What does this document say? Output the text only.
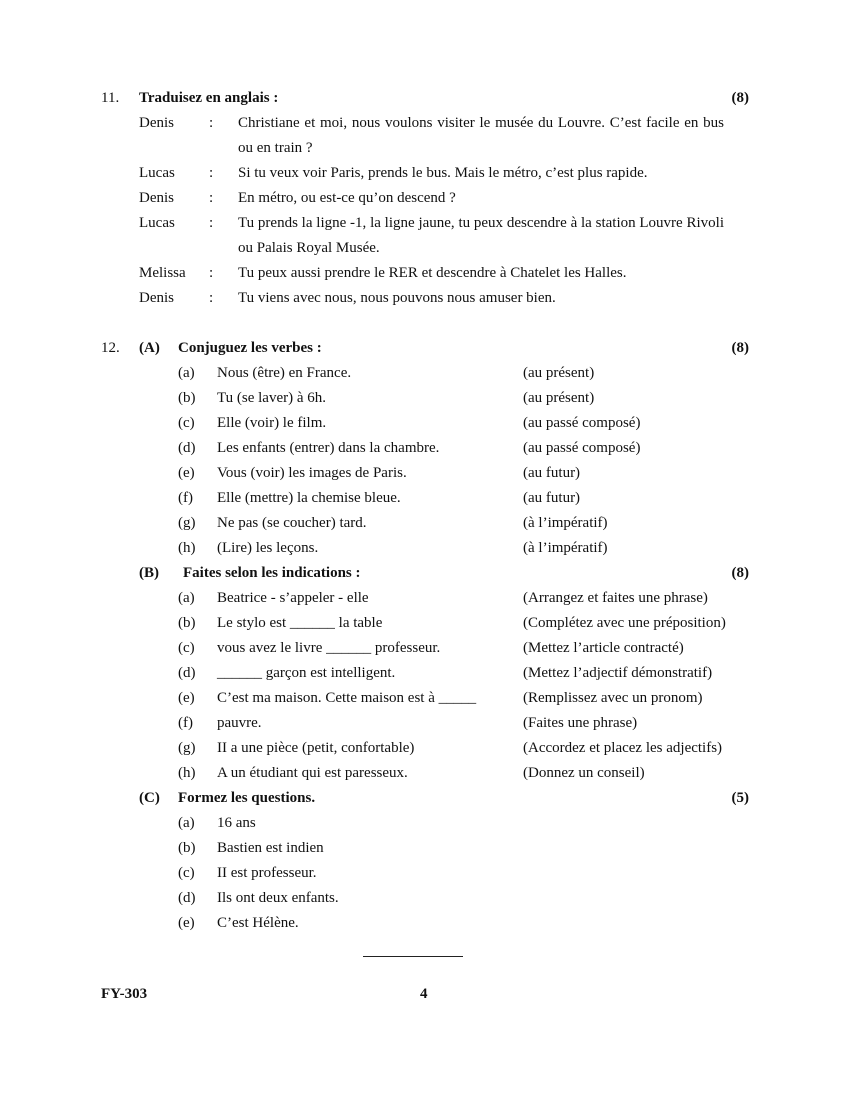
11. Traduisez en anglais :	(8)
Denis : Christiane et moi, nous voulons visiter le musée du Louvre. C’est facile en bus ou en train ?
Lucas : Si tu veux voir Paris, prends le bus. Mais le métro, c’est plus rapide.
Denis : En métro, ou est-ce qu’on descend ?
Lucas : Tu prends la ligne -1, la ligne jaune, tu peux descendre à la station Louvre Rivoli ou Palais Royal Musée.
Melissa : Tu peux aussi prendre le RER et descendre à Chatelet les Halles.
Denis : Tu viens avec nous, nous pouvons nous amuser bien.
12. (A) Conjuguez les verbes :	(8)
(a) Nous (être) en France.	(au présent)
(b) Tu (se laver) à 6h.	(au présent)
(c) Elle (voir) le film.	(au passé composé)
(d) Les enfants (entrer) dans la chambre.	(au passé composé)
(e) Vous (voir) les images de Paris.	(au futur)
(f) Elle (mettre) la chemise bleue.	(au futur)
(g) Ne pas (se coucher) tard.	(à l’impératif)
(h) (Lire) les leçons.	(à l’impératif)
(B) Faites selon les indications :	(8)
(a) Beatrice - s’appeler - elle	(Arrangez et faites une phrase)
(b) Le stylo est ______ la table	(Complétez avec une préposition)
(c) vous avez le livre ______ professeur.	(Mettez l’article contracté)
(d) ______ garçon est intelligent.	(Mettez l’adjectif démonstratif)
(e) C’est ma maison. Cette maison est à _____	(Remplissez avec un pronom)
(f) pauvre.	(Faites une phrase)
(g) II a une pièce (petit, confortable)	(Accordez et placez les adjectifs)
(h) A un étudiant qui est paresseux.	(Donnez un conseil)
(C) Formez les questions.	(5)
(a) 16 ans
(b) Bastien est indien
(c) II est professeur.
(d) Ils ont deux enfants.
(e) C’est Hélène.
FY-303	4
